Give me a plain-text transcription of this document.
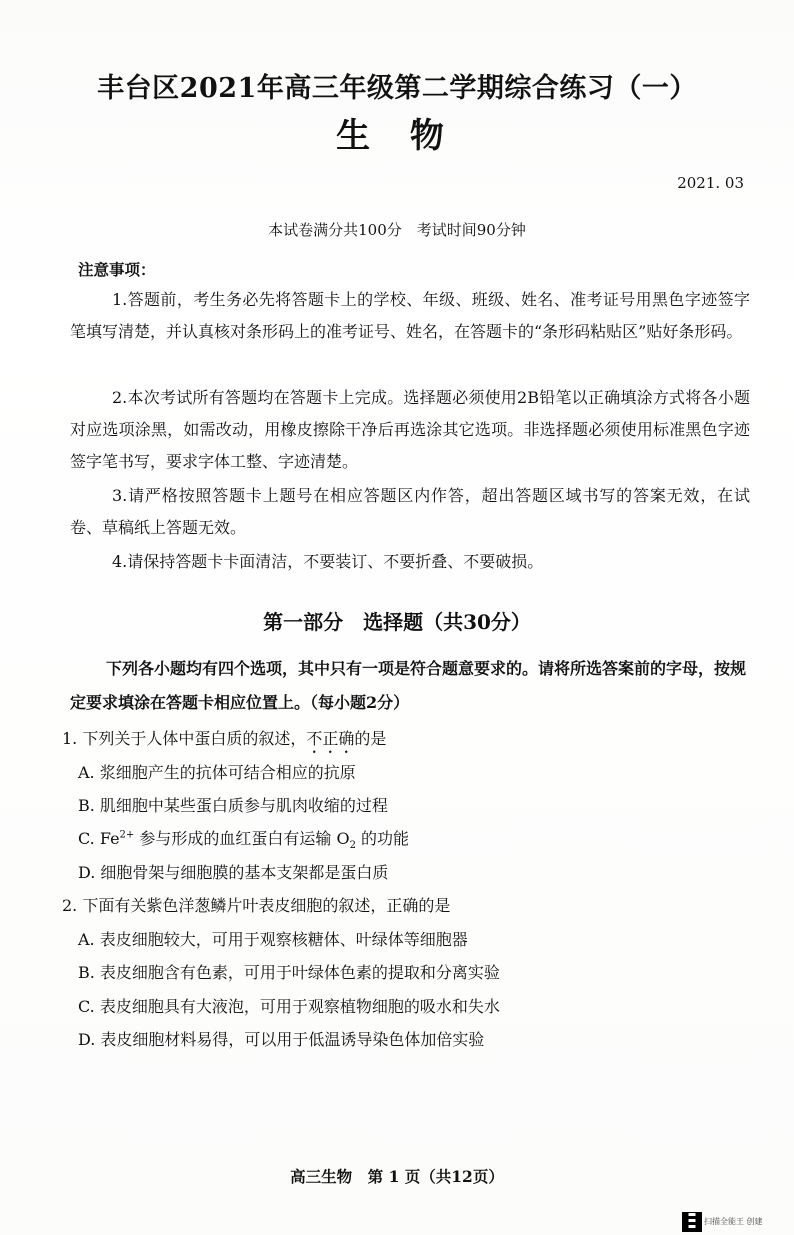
丰台区2021年高三年级第二学期综合练习（一）
生 物
2021. 03
本试卷满分共100分　考试时间90分钟
注意事项：
1.答题前，考生务必先将答题卡上的学校、年级、班级、姓名、准考证号用黑色字迹签字笔填写清楚，并认真核对条形码上的准考证号、姓名，在答题卡的“条形码粘贴区”贴好条形码。
2.本次考试所有答题均在答题卡上完成。选择题必须使用2B铅笔以正确填涂方式将各小题对应选项涂黑，如需改动，用橡皮擦除干净后再选涂其它选项。非选择题必须使用标准黑色字迹签字笔书写，要求字体工整、字迹清楚。
3.请严格按照答题卡上题号在相应答题区内作答，超出答题区域书写的答案无效，在试卷、草稿纸上答题无效。
4.请保持答题卡卡面清洁，不要装订、不要折叠、不要破损。
第一部分　选择题（共30分）
下列各小题均有四个选项，其中只有一项是符合题意要求的。请将所选答案前的字母，按规定要求填涂在答题卡相应位置上。（每小题2分）
1. 下列关于人体中蛋白质的叙述，不正确的是
A. 浆细胞产生的抗体可结合相应的抗原
B. 肌细胞中某些蛋白质参与肌肉收缩的过程
C. $Fe^{2+}$ 参与形成的血红蛋白有运输 $O_2$ 的功能
D. 细胞骨架与细胞膜的基本支架都是蛋白质
2. 下面有关紫色洋葱鳞片叶表皮细胞的叙述，正确的是
A. 表皮细胞较大，可用于观察核糖体、叶绿体等细胞器
B. 表皮细胞含有色素，可用于叶绿体色素的提取和分离实验
C. 表皮细胞具有大液泡，可用于观察植物细胞的吸水和失水
D. 表皮细胞材料易得，可以用于低温诱导染色体加倍实验
高三生物　第 1 页（共12页）
扫描全能王 创建
